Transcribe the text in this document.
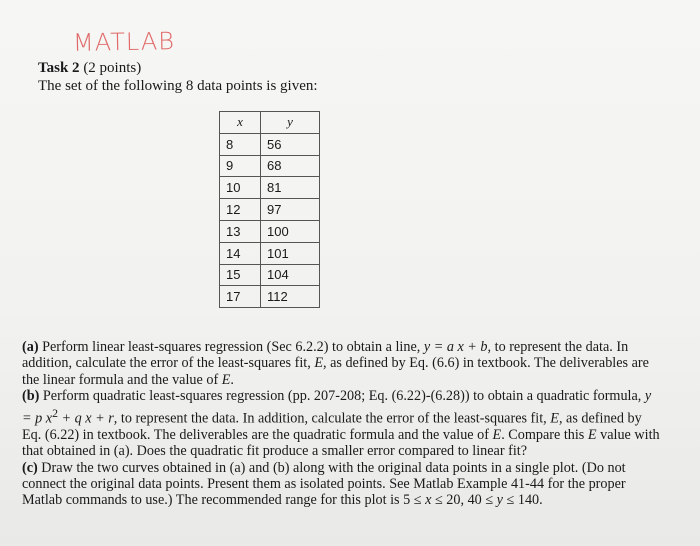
MATLAB
Task 2 (2 points)
The set of the following 8 data points is given:
x	y
8	56
9	68
10	81
12	97
13	100
14	101
15	104
17	112

(a) Perform linear least-squares regression (Sec 6.2.2) to obtain a line, y = a x + b, to represent the data. In addition, calculate the error of the least-squares fit, E, as defined by Eq. (6.6) in textbook. The deliverables are the linear formula and the value of E.

(b) Perform quadratic least-squares regression (pp. 207-208; Eq. (6.22)-(6.28)) to obtain a quadratic formula, y = p $x^2 + q$ x + r, to represent the data. In addition, calculate the error of the least-squares fit, E, as defined by Eq. (6.22) in textbook. The deliverables are the quadratic formula and the value of E. Compare this E value with that obtained in (a). Does the quadratic fit produce a smaller error compared to linear fit?

(c) Draw the two curves obtained in (a) and (b) along with the original data points in a single plot. (Do not connect the original data points. Present them as isolated points. See Matlab Example 41-44 for the proper Matlab commands to use.) The recommended range for this plot is 5 ≤ x ≤ 20, 40 ≤ y ≤ 140.
